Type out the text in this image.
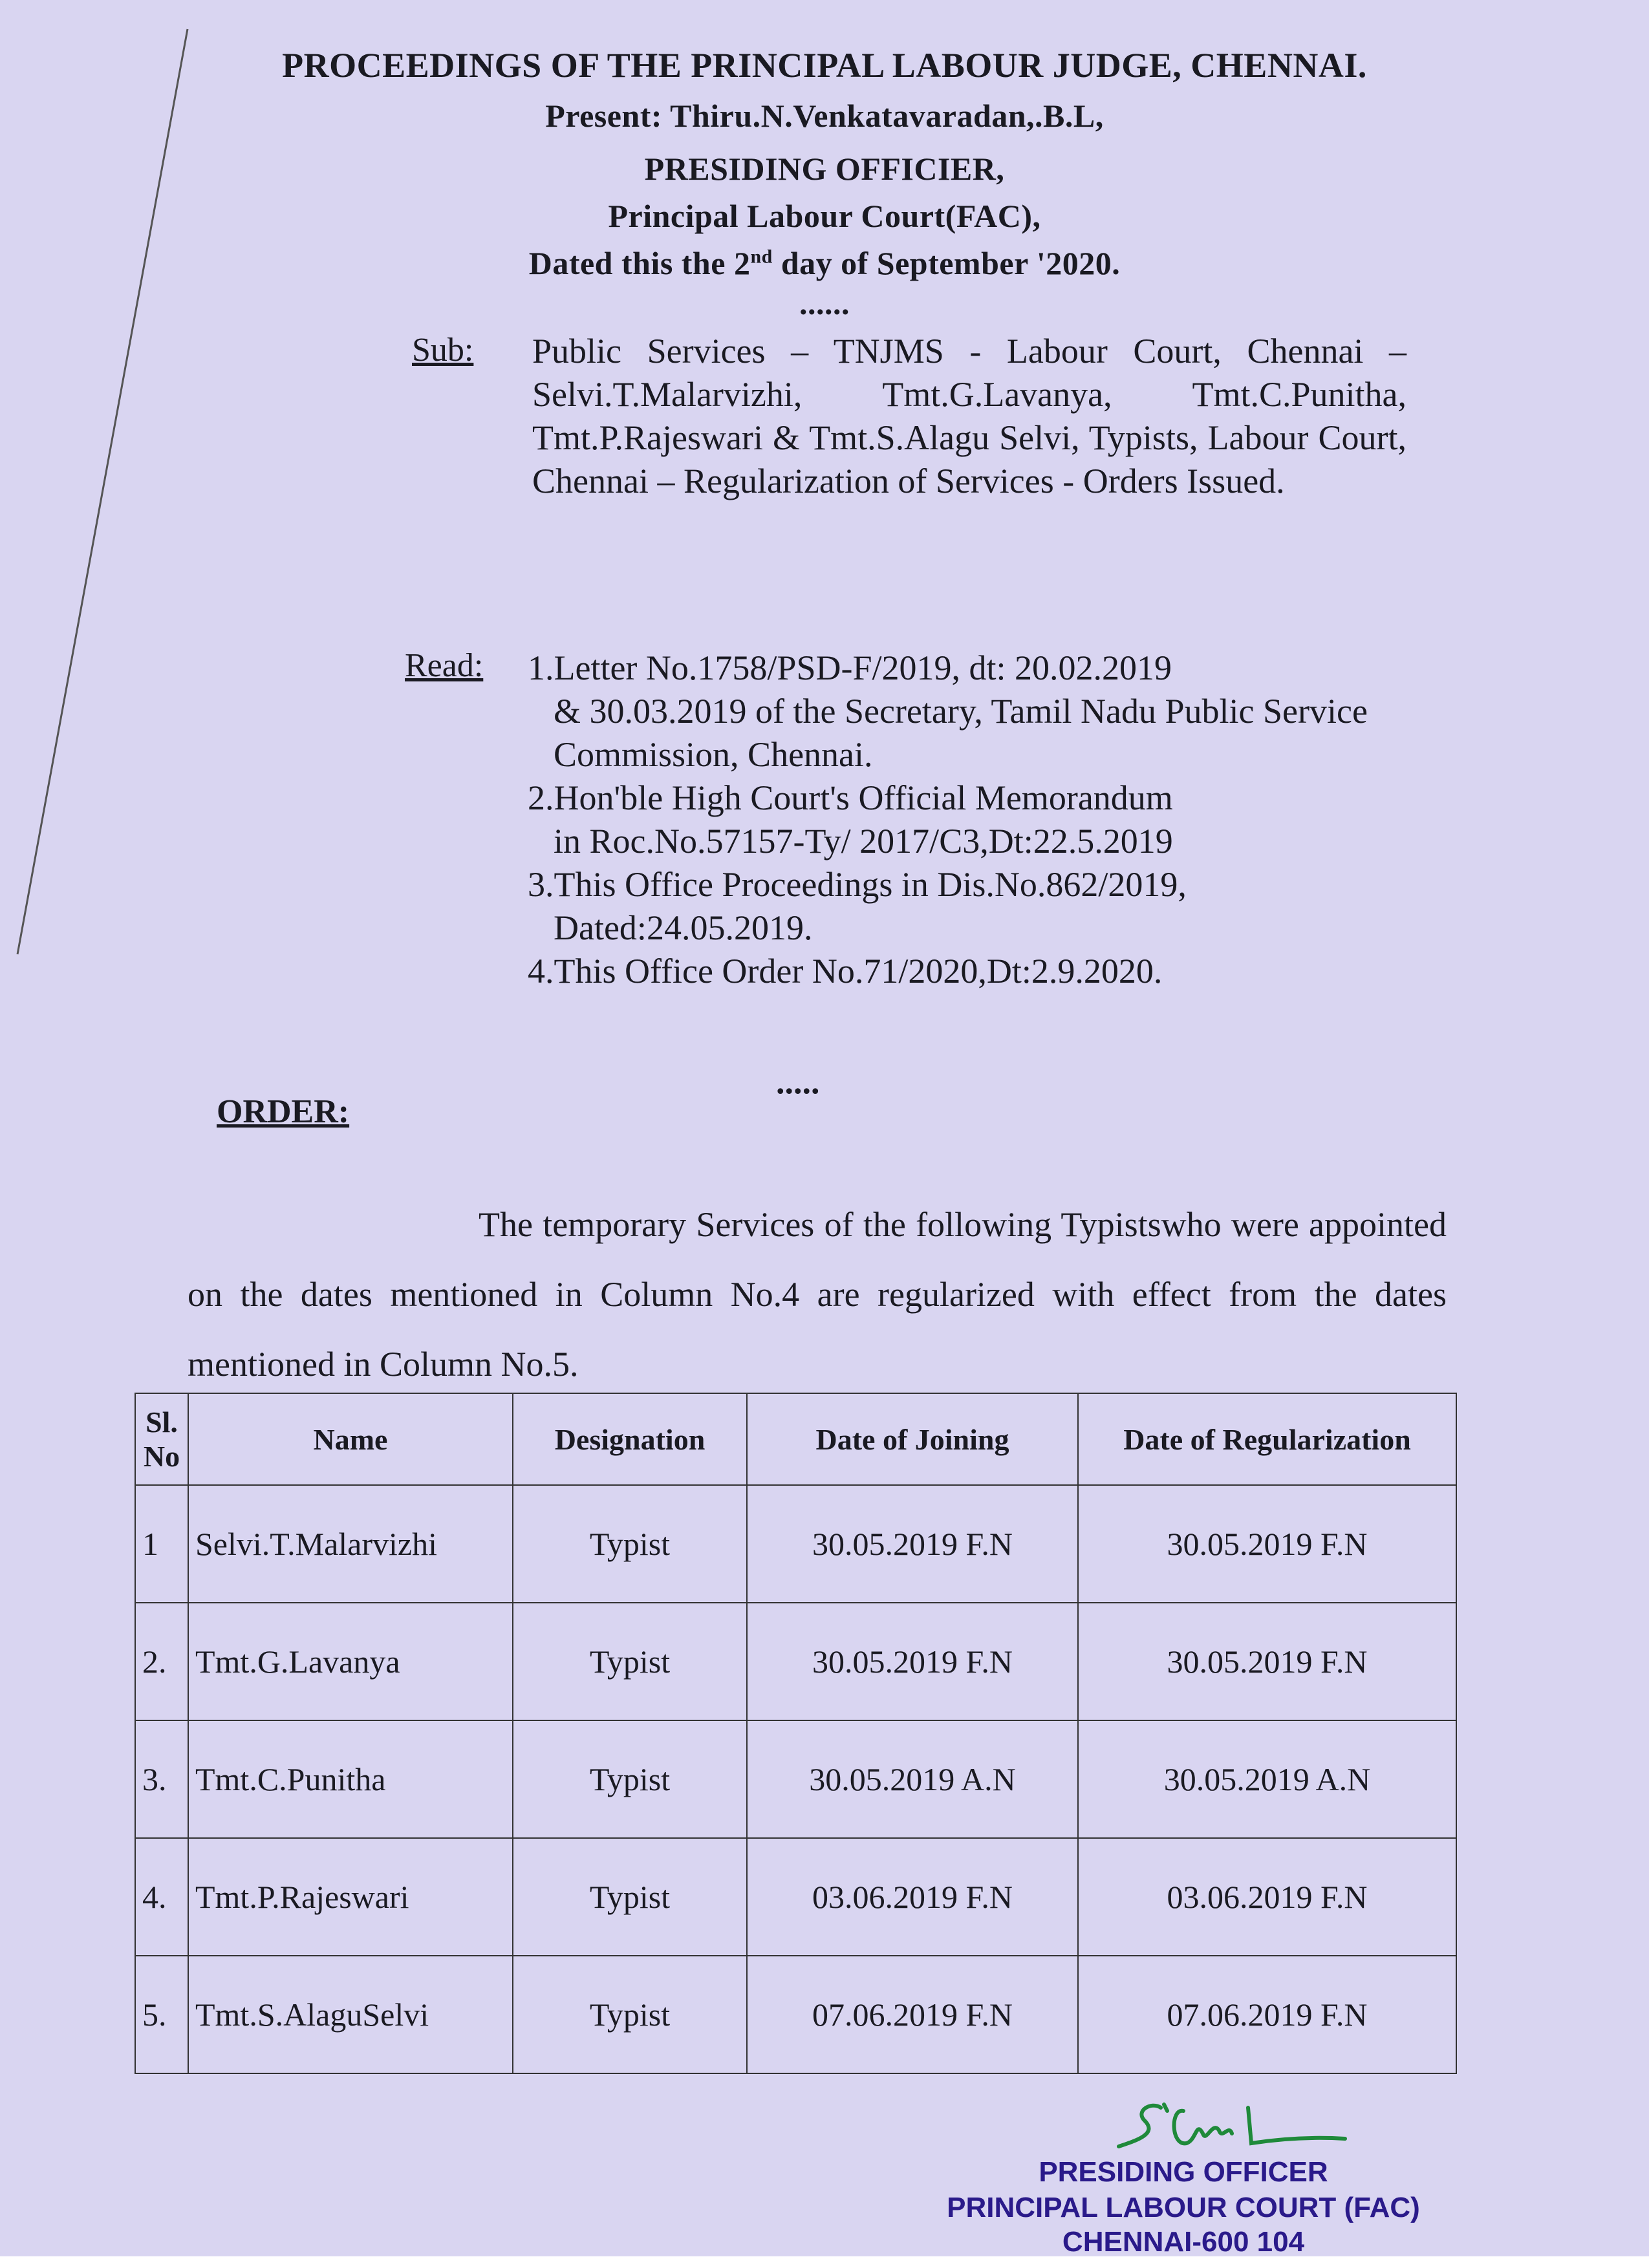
PROCEEDINGS OF THE PRINCIPAL LABOUR JUDGE, CHENNAI.
Present: Thiru.N.Venkatavaradan,.B.L,
PRESIDING OFFICIER,
Principal Labour Court(FAC),
Dated this the 2nd day of September '2020.
......
Sub: Public Services – TNJMS - Labour Court, Chennai – Selvi.T.Malarvizhi, Tmt.G.Lavanya, Tmt.C.Punitha, Tmt.P.Rajeswari & Tmt.S.Alagu Selvi, Typists, Labour Court, Chennai – Regularization of Services - Orders Issued.
Read: 1.Letter No.1758/PSD-F/2019, dt: 20.02.2019
& 30.03.2019 of the Secretary, Tamil Nadu Public Service Commission, Chennai.
2.Hon'ble High Court's Official Memorandum
in Roc.No.57157-Ty/ 2017/C3,Dt:22.5.2019
3.This Office Proceedings in Dis.No.862/2019,
Dated:24.05.2019.
4.This Office Order No.71/2020,Dt:2.9.2020.
.....
ORDER:
The temporary Services of the following Typistswho were appointed on the dates mentioned in Column No.4 are regularized with effect from the dates mentioned in Column No.5.
Sl. No	Name	Designation	Date of Joining	Date of Regularization
1	Selvi.T.Malarvizhi	Typist	30.05.2019 F.N	30.05.2019 F.N
2.	Tmt.G.Lavanya	Typist	30.05.2019 F.N	30.05.2019 F.N
3.	Tmt.C.Punitha	Typist	30.05.2019 A.N	30.05.2019 A.N
4.	Tmt.P.Rajeswari	Typist	03.06.2019 F.N	03.06.2019 F.N
5.	Tmt.S.AlaguSelvi	Typist	07.06.2019 F.N	07.06.2019 F.N
PRESIDING OFFICER
PRINCIPAL LABOUR COURT (FAC)
CHENNAI-600 104
